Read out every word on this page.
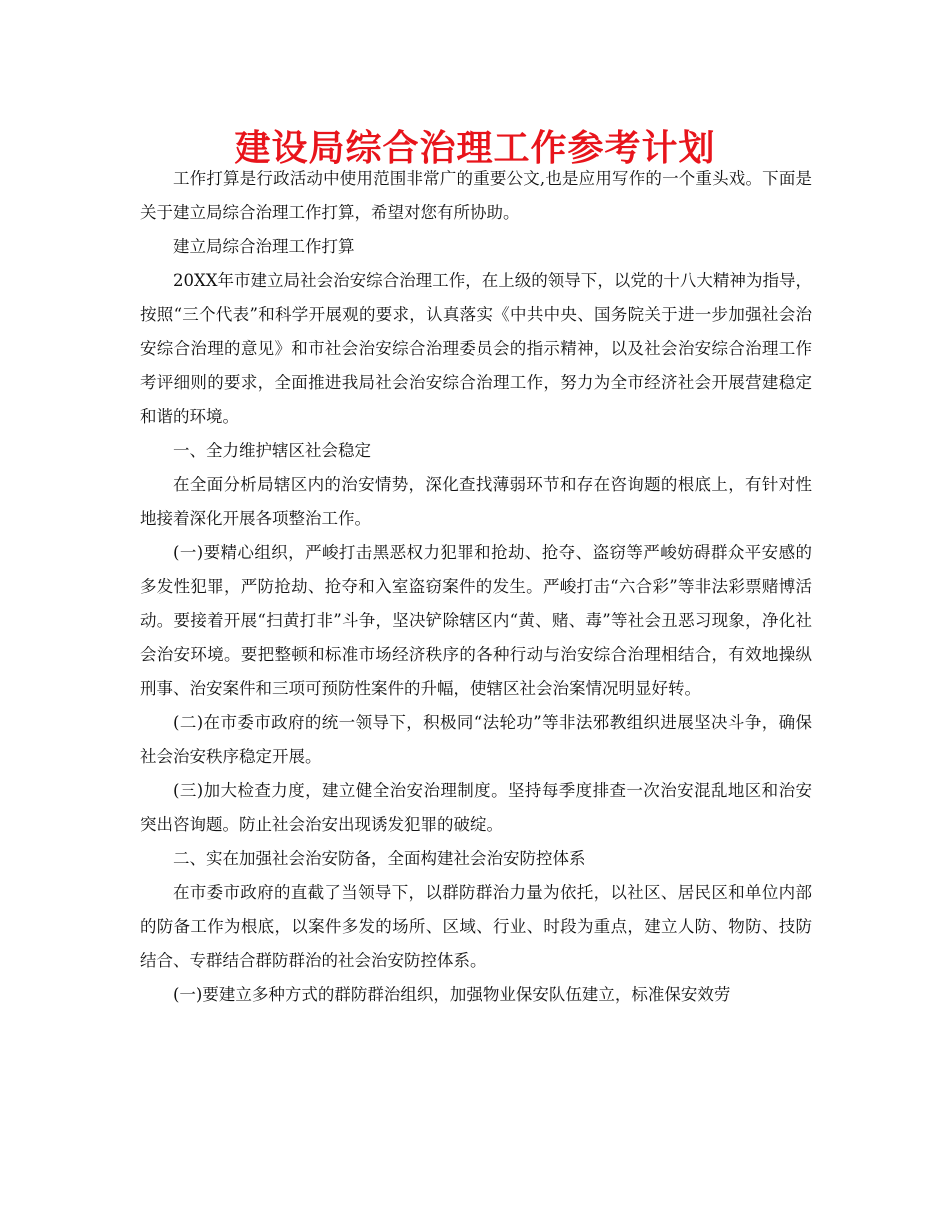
建设局综合治理工作参考计划

工作打算是行政活动中使用范围非常广的重要公文,也是应用写作的一个重头戏。下面是关于建立局综合治理工作打算，希望对您有所协助。

建立局综合治理工作打算

20XX年市建立局社会治安综合治理工作，在上级的领导下，以党的十八大精神为指导，按照“三个代表”和科学开展观的要求，认真落实《中共中央、国务院关于进一步加强社会治安综合治理的意见》和市社会治安综合治理委员会的指示精神，以及社会治安综合治理工作考评细则的要求，全面推进我局社会治安综合治理工作，努力为全市经济社会开展营建稳定和谐的环境。

一、全力维护辖区社会稳定

在全面分析局辖区内的治安情势，深化查找薄弱环节和存在咨询题的根底上，有针对性地接着深化开展各项整治工作。

(一)要精心组织，严峻打击黑恶权力犯罪和抢劫、抢夺、盗窃等严峻妨碍群众平安感的多发性犯罪，严防抢劫、抢夺和入室盗窃案件的发生。严峻打击“六合彩”等非法彩票赌博活动。要接着开展“扫黄打非”斗争，坚决铲除辖区内“黄、赌、毒”等社会丑恶习现象，净化社会治安环境。要把整顿和标准市场经济秩序的各种行动与治安综合治理相结合，有效地操纵刑事、治安案件和三项可预防性案件的升幅，使辖区社会治案情况明显好转。

(二)在市委市政府的统一领导下，积极同“法轮功”等非法邪教组织进展坚决斗争，确保社会治安秩序稳定开展。

(三)加大检查力度，建立健全治安治理制度。坚持每季度排查一次治安混乱地区和治安突出咨询题。防止社会治安出现诱发犯罪的破绽。

二、实在加强社会治安防备，全面构建社会治安防控体系

在市委市政府的直截了当领导下，以群防群治力量为依托，以社区、居民区和单位内部的防备工作为根底，以案件多发的场所、区域、行业、时段为重点，建立人防、物防、技防结合、专群结合群防群治的社会治安防控体系。

(一)要建立多种方式的群防群治组织，加强物业保安队伍建立，标准保安效劳
